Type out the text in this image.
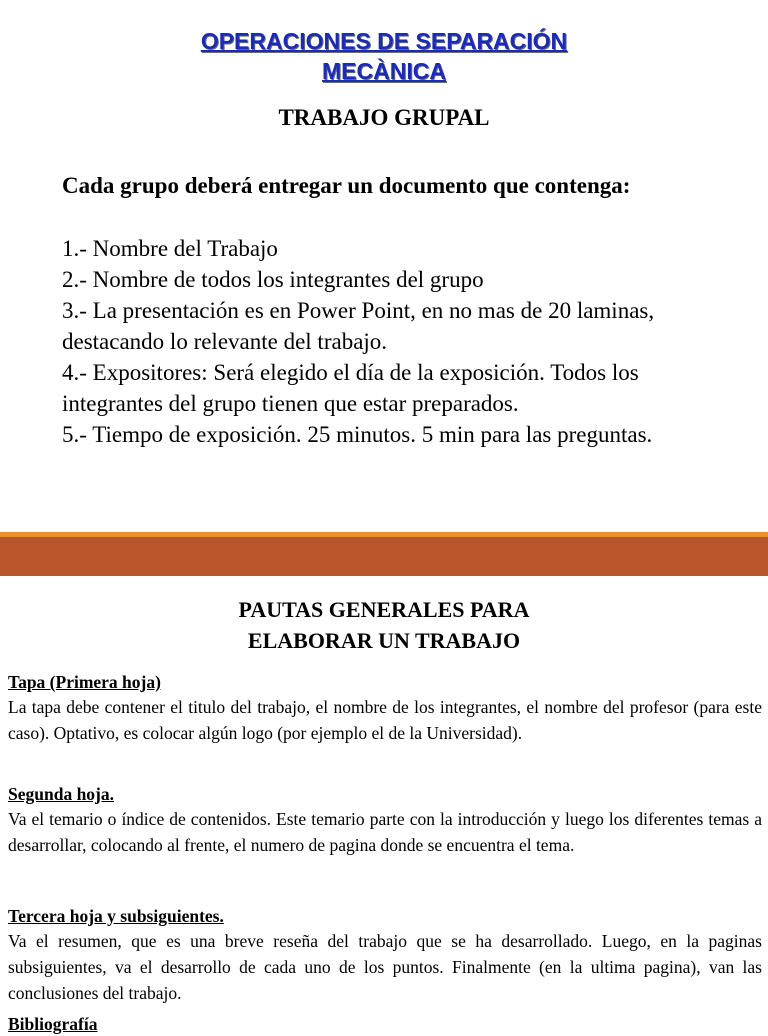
OPERACIONES DE SEPARACIÓN
MECÀNICA
TRABAJO GRUPAL
Cada grupo deberá entregar un documento que contenga:
1.- Nombre del Trabajo
2.- Nombre de todos los integrantes del grupo
3.- La presentación es en Power Point, en no mas de 20 laminas, destacando lo relevante del trabajo.
4.- Expositores: Será elegido el día de la exposición. Todos los integrantes del grupo tienen que estar preparados.
5.- Tiempo de exposición. 25 minutos. 5 min para las preguntas.
PAUTAS GENERALES PARA
ELABORAR UN TRABAJO
Tapa (Primera hoja)

La tapa debe contener el titulo del trabajo, el nombre de los integrantes, el nombre del profesor (para este caso). Optativo, es colocar algún logo (por ejemplo el de la Universidad).

Segunda hoja.

Va el temario o índice de contenidos. Este temario parte con la introducción y luego los diferentes temas a desarrollar, colocando al frente, el numero de pagina donde se encuentra el tema.

Tercera hoja y subsiguientes.

Va el resumen, que es una breve reseña del trabajo que se ha desarrollado. Luego, en la paginas subsiguientes, va el desarrollo de cada uno de los puntos. Finalmente (en la ultima pagina), van las conclusiones del trabajo.

Bibliografía
